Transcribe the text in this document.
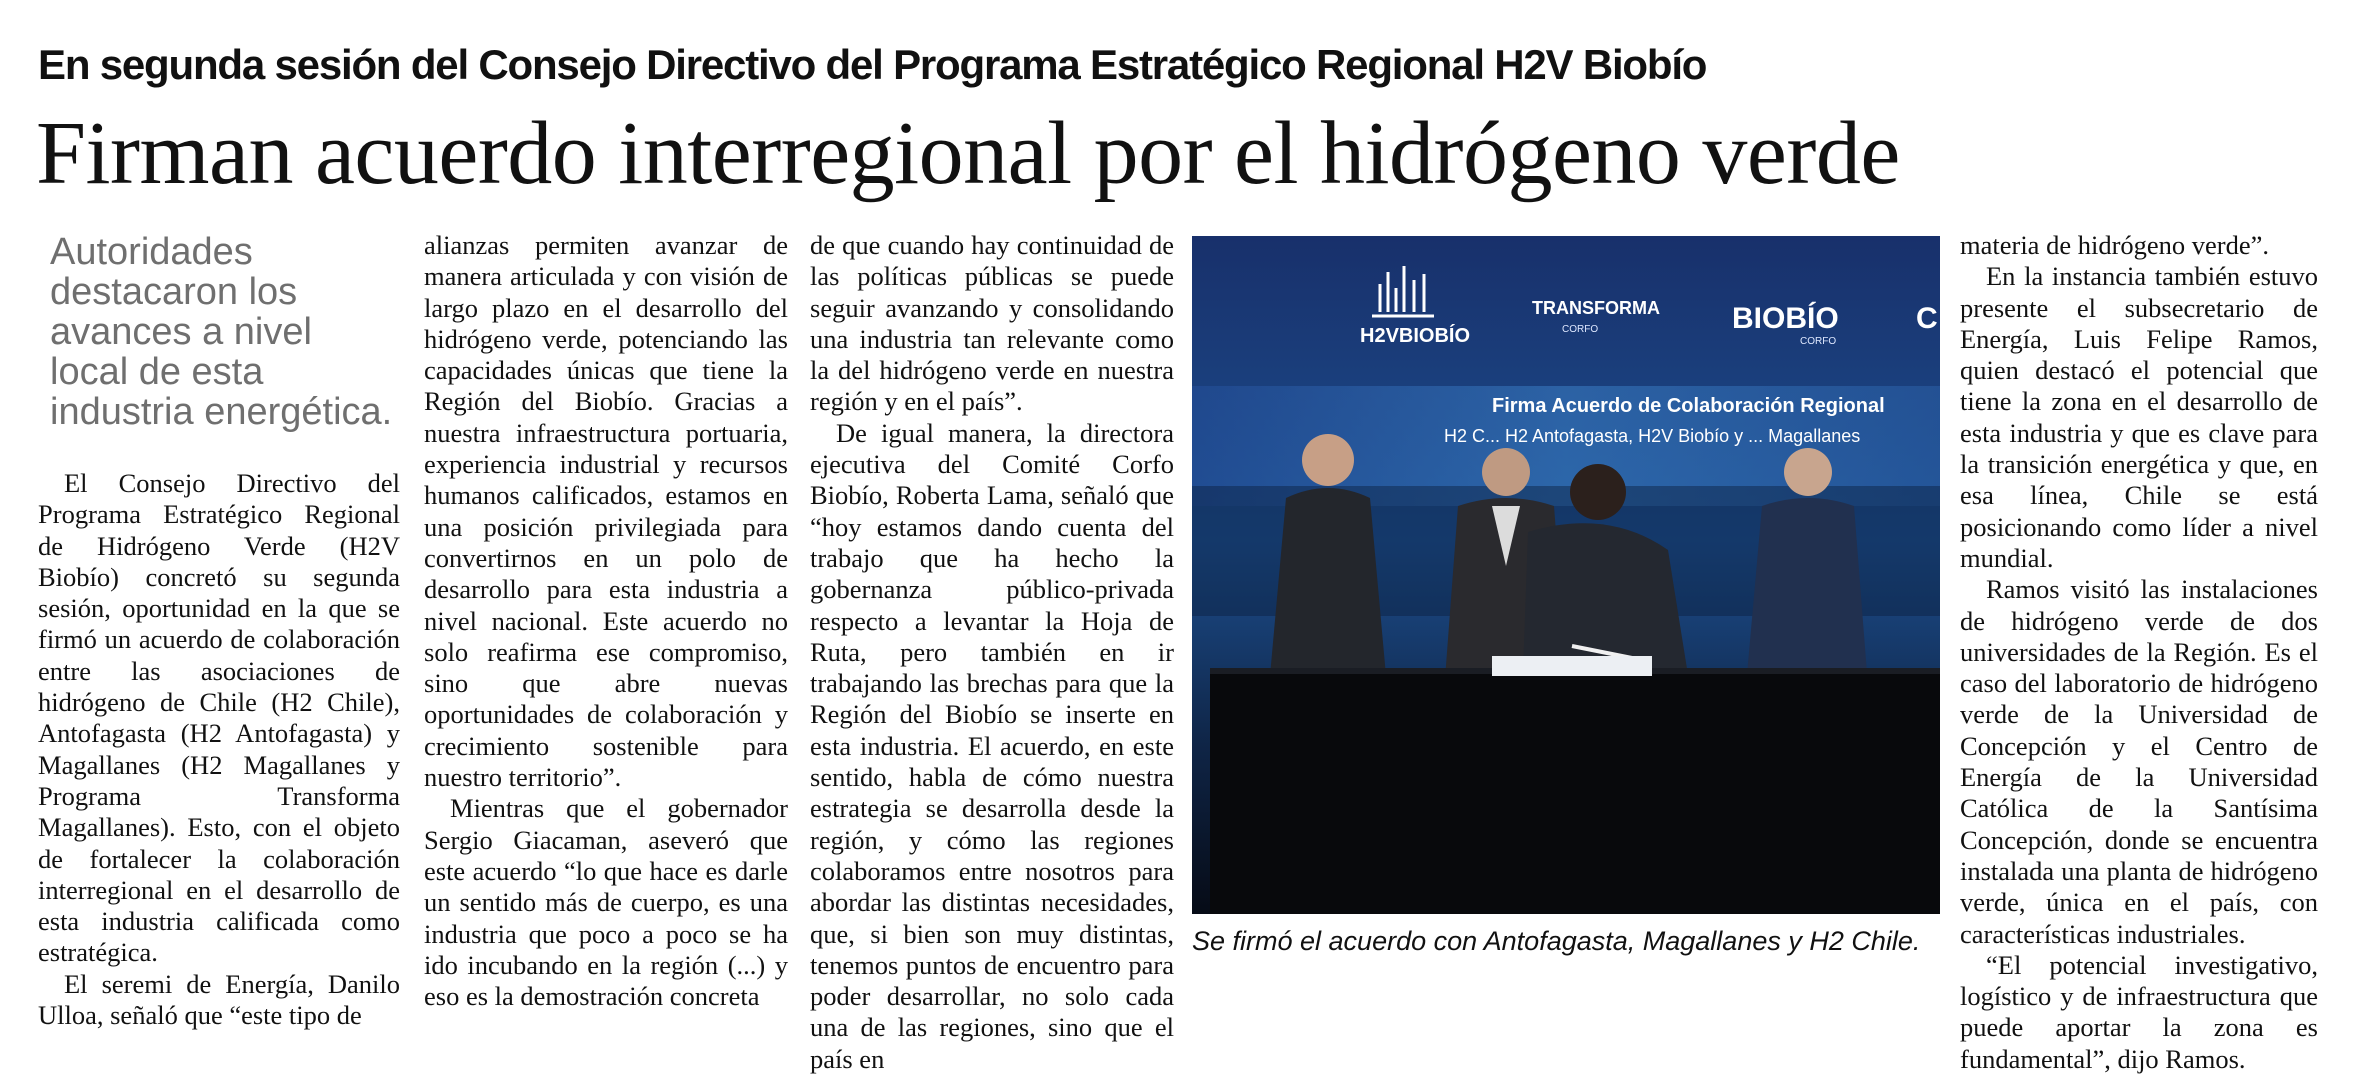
En segunda sesión del Consejo Directivo del Programa Estratégico Regional H2V Biobío
Firman acuerdo interregional por el hidrógeno verde
Autoridades destacaron los avances a nivel local de esta industria energética.

El Consejo Directivo del Programa Estratégico Regional de Hidrógeno Verde (H2V Biobío) concretó su segunda sesión, oportunidad en la que se firmó un acuerdo de colaboración entre las asociaciones de hidrógeno de Chile (H2 Chile), Antofagasta (H2 Antofagasta) y Magallanes (H2 Magallanes y Programa Transforma Magallanes). Esto, con el objeto de fortalecer la colaboración interregional en el desarrollo de esta industria calificada como estratégica.

El seremi de Energía, Danilo Ulloa, señaló que “este tipo de

alianzas permiten avanzar de manera articulada y con visión de largo plazo en el desarrollo del hidrógeno verde, potenciando las capacidades únicas que tiene la Región del Biobío. Gracias a nuestra infraestructura portuaria, experiencia industrial y recursos humanos calificados, estamos en una posición privilegiada para convertirnos en un polo de desarrollo para esta industria a nivel nacional. Este acuerdo no solo reafirma ese compromiso, sino que abre nuevas oportunidades de colaboración y crecimiento sostenible para nuestro territorio”.

Mientras que el gobernador Sergio Giacaman, aseveró que este acuerdo “lo que hace es darle un sentido más de cuerpo, es una industria que poco a poco se ha ido incubando en la región (...) y eso es la demostración concreta

de que cuando hay continuidad de las políticas públicas se puede seguir avanzando y consolidando una industria tan relevante como la del hidrógeno verde en nuestra región y en el país”.

De igual manera, la directora ejecutiva del Comité Corfo Biobío, Roberta Lama, señaló que “hoy estamos dando cuenta del trabajo que ha hecho la gobernanza público-privada respecto a levantar la Hoja de Ruta, pero también en ir trabajando las brechas para que la Región del Biobío se inserte en esta industria. El acuerdo, en este sentido, habla de cómo nuestra estrategia se desarrolla desde la región, y cómo las regiones colaboramos entre nosotros para abordar las distintas necesidades, que, si bien son muy distintas, tenemos puntos de encuentro para poder desarrollar, no solo cada una de las regiones, sino que el país en

H2VBIOBÍO
TRANSFORMA
CORFO	BIOBÍO
CORFO
C
Firma Acuerdo de Colaboración Regional
H2 C... H2 Antofagasta, H2V Biobío y ... Magallanes
Se firmó el acuerdo con Antofagasta, Magallanes y H2 Chile.

materia de hidrógeno verde”.

En la instancia también estuvo presente el subsecretario de Energía, Luis Felipe Ramos, quien destacó el potencial que tiene la zona en el desarrollo de esta industria y que es clave para la transición energética y que, en esa línea, Chile se está posicionando como líder a nivel mundial.

Ramos visitó las instalaciones de hidrógeno verde de dos universidades de la Región. Es el caso del laboratorio de hidrógeno verde de la Universidad de Concepción y el Centro de Energía de la Universidad Católica de la Santísima Concepción, donde se encuentra instalada una planta de hidrógeno verde, única en el país, con características industriales.

“El potencial investigativo, logístico y de infraestructura que puede aportar la zona es fundamental”, dijo Ramos.
